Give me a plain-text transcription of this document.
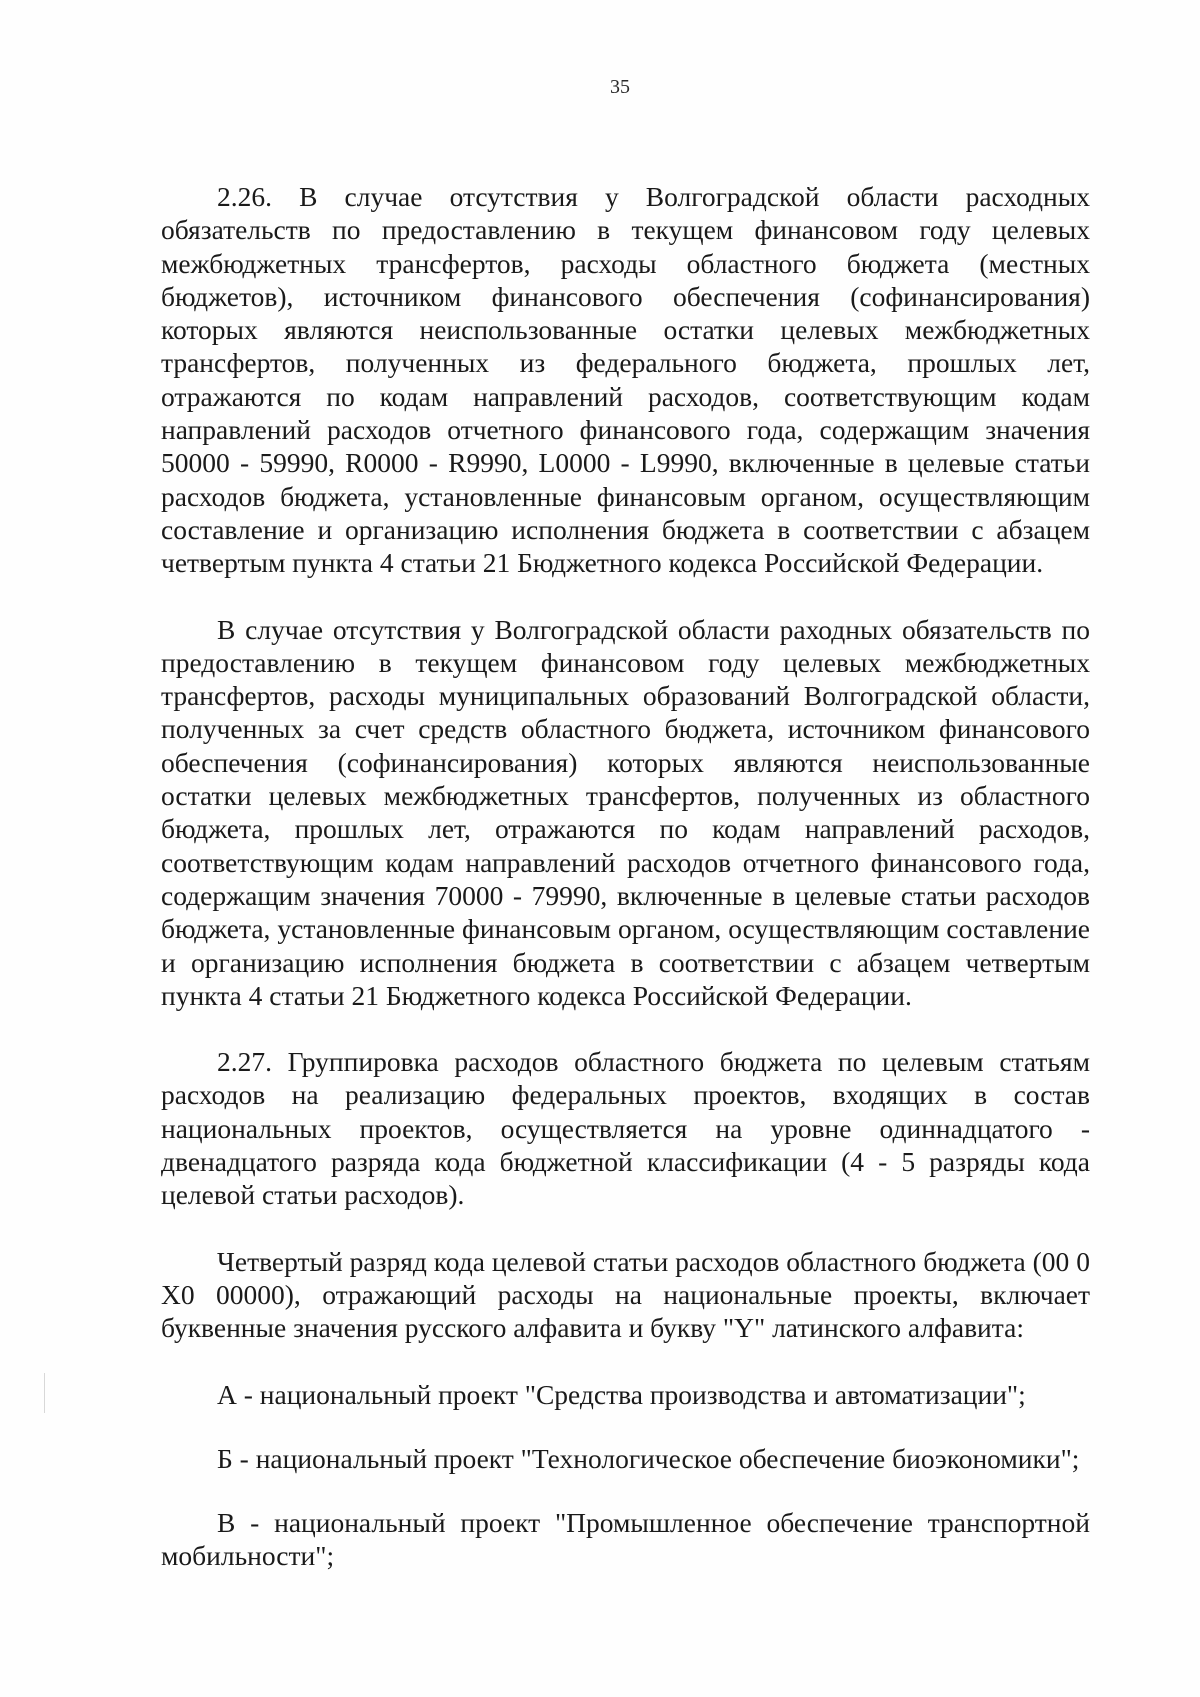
35

2.26. В случае отсутствия у Волгоградской области расходных обязательств по предоставлению в текущем финансовом году целевых межбюджетных трансфертов, расходы областного бюджета (местных бюджетов), источником финансового обеспечения (софинансирования) которых являются неиспользованные остатки целевых межбюджетных трансфертов, полученных из федерального бюджета, прошлых лет, отражаются по кодам направлений расходов, соответствующим кодам направлений расходов отчетного финансового года, содержащим значения 50000 - 59990, R0000 - R9990, L0000 - L9990, включенные в целевые статьи расходов бюджета, установленные финансовым органом, осуществляющим составление и организацию исполнения бюджета в соответствии с абзацем четвертым пункта 4 статьи 21 Бюджетного кодекса Российской Федерации.

В случае отсутствия у Волгоградской области раходных обязательств по предоставлению в текущем финансовом году целевых межбюджетных трансфертов, расходы муниципальных образований Волгоградской области, полученных за счет средств областного бюджета, источником финансового обеспечения (софинансирования) которых являются неиспользованные остатки целевых межбюджетных трансфертов, полученных из областного бюджета, прошлых лет, отражаются по кодам направлений расходов, соответствующим кодам направлений расходов отчетного финансового года, содержащим значения 70000 - 79990, включенные в целевые статьи расходов бюджета, установленные финансовым органом, осуществляющим составление и организацию исполнения бюджета в соответствии с абзацем четвертым пункта 4 статьи 21 Бюджетного кодекса Российской Федерации.

2.27. Группировка расходов областного бюджета по целевым статьям расходов на реализацию федеральных проектов, входящих в состав национальных проектов, осуществляется на уровне одиннадцатого - двенадцатого разряда кода бюджетной классификации (4 - 5 разряды кода целевой статьи расходов).

Четвертый разряд кода целевой статьи расходов областного бюджета (00 0 X0 00000), отражающий расходы на национальные проекты, включает буквенные значения русского алфавита и букву "Y" латинского алфавита:

А - национальный проект "Средства производства и автоматизации";

Б - национальный проект "Технологическое обеспечение биоэкономики";

В - национальный проект "Промышленное обеспечение транспортной мобильности";
